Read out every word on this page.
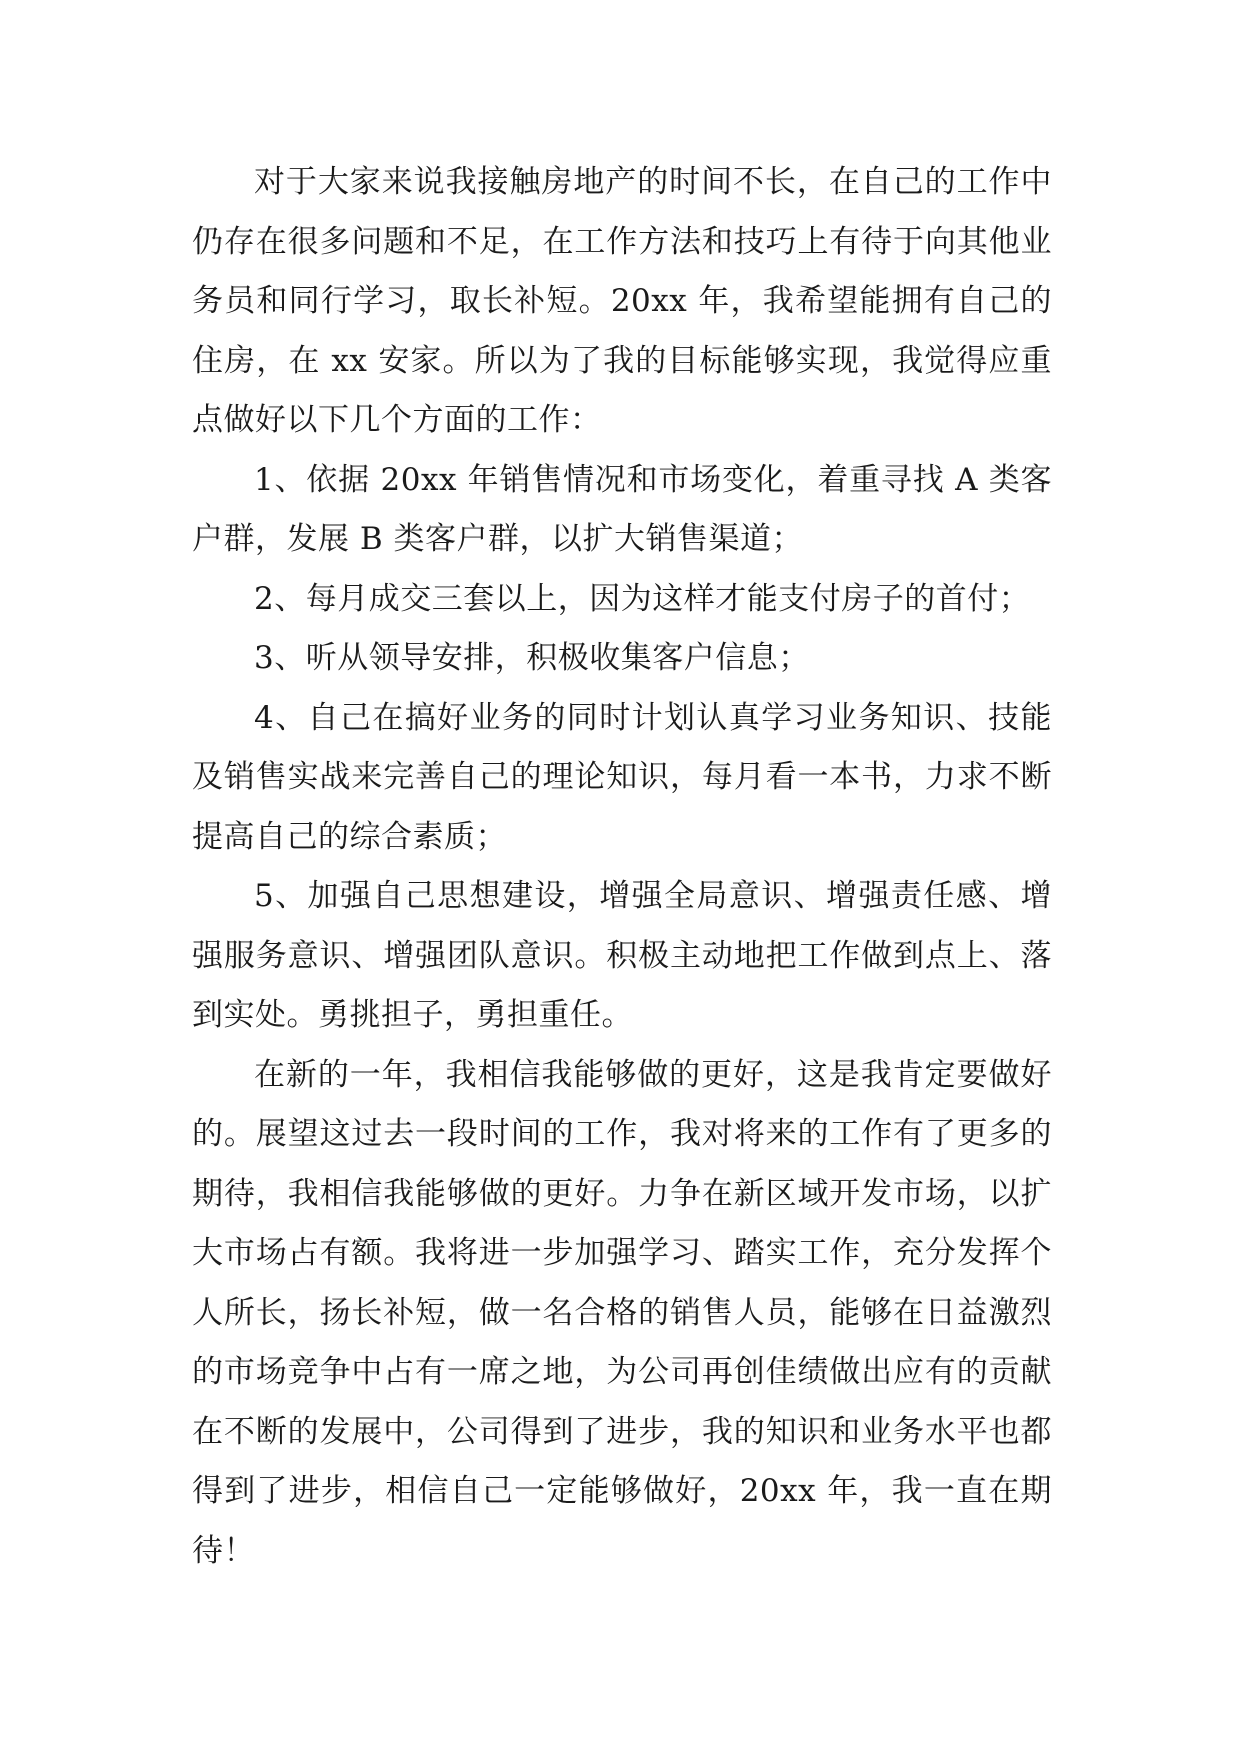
对于大家来说我接触房地产的时间不长，在自己的工作中仍存在很多问题和不足，在工作方法和技巧上有待于向其他业务员和同行学习，取长补短。20xx 年，我希望能拥有自己的住房，在 xx 安家。所以为了我的目标能够实现，我觉得应重点做好以下几个方面的工作：

1、依据 20xx 年销售情况和市场变化，着重寻找 A 类客户群，发展 B 类客户群，以扩大销售渠道；

2、每月成交三套以上，因为这样才能支付房子的首付；

3、听从领导安排，积极收集客户信息；

4、自己在搞好业务的同时计划认真学习业务知识、技能及销售实战来完善自己的理论知识，每月看一本书，力求不断提高自己的综合素质；

5、加强自己思想建设，增强全局意识、增强责任感、增强服务意识、增强团队意识。积极主动地把工作做到点上、落到实处。勇挑担子，勇担重任。

在新的一年，我相信我能够做的更好，这是我肯定要做好的。展望这过去一段时间的工作，我对将来的工作有了更多的期待，我相信我能够做的更好。力争在新区域开发市场，以扩大市场占有额。我将进一步加强学习、踏实工作，充分发挥个人所长，扬长补短，做一名合格的销售人员，能够在日益激烈的市场竞争中占有一席之地，为公司再创佳绩做出应有的贡献在不断的发展中，公司得到了进步，我的知识和业务水平也都得到了进步，相信自己一定能够做好，20xx 年，我一直在期待！
